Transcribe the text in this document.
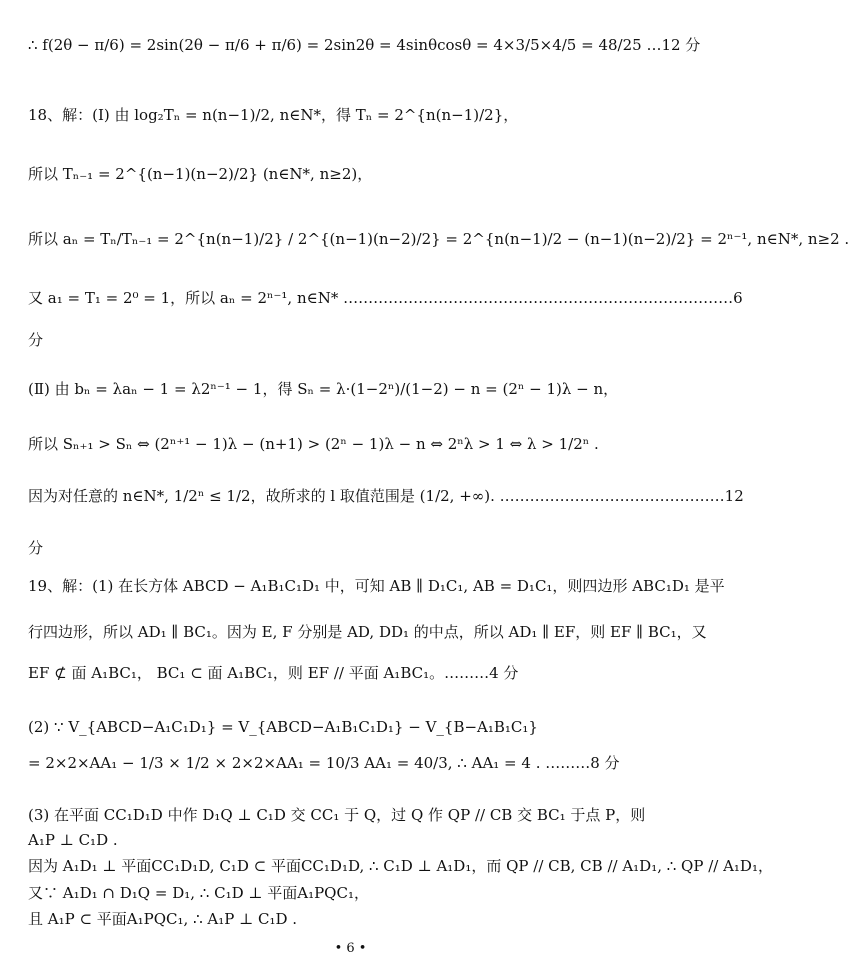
∴ f(2θ − π/6) = 2sin(2θ − π/6 + π/6) = 2sin2θ = 4sinθcosθ = 4×3/5×4/5 = 48/25 …12 分
18、解：(Ⅰ) 由 log₂Tₙ = n(n−1)/2, n∈N*，得 Tₙ = 2^{n(n−1)/2}，
所以 Tₙ₋₁ = 2^{(n−1)(n−2)/2} (n∈N*, n≥2)，
所以 aₙ = Tₙ/Tₙ₋₁ = 2^{n(n−1)/2} / 2^{(n−1)(n−2)/2} = 2^{n(n−1)/2 − (n−1)(n−2)/2} = 2ⁿ⁻¹, n∈N*, n≥2 .
又 a₁ = T₁ = 2⁰ = 1，所以 aₙ = 2ⁿ⁻¹, n∈N* ……………………………………………………………………6
分
(Ⅱ) 由 bₙ = λaₙ − 1 = λ2ⁿ⁻¹ − 1，得 Sₙ = λ·(1−2ⁿ)/(1−2) − n = (2ⁿ − 1)λ − n，
所以 Sₙ₊₁ > Sₙ ⇔ (2ⁿ⁺¹ − 1)λ − (n+1) > (2ⁿ − 1)λ − n ⇔ 2ⁿλ > 1 ⇔ λ > 1/2ⁿ .
因为对任意的 n∈N*, 1/2ⁿ ≤ 1/2，故所求的 l 取值范围是 (1/2, +∞). ………………………………………12
分
19、解：(1) 在长方体 ABCD − A₁B₁C₁D₁ 中，可知 AB ∥ D₁C₁, AB = D₁C₁，则四边形 ABC₁D₁ 是平
行四边形，所以 AD₁ ∥ BC₁。因为 E, F 分别是 AD, DD₁ 的中点，所以 AD₁ ∥ EF，则 EF ∥ BC₁，又
EF ⊄ 面 A₁BC₁， BC₁ ⊂ 面 A₁BC₁，则 EF // 平面 A₁BC₁。………4 分
(2) ∵ V_{ABCD−A₁C₁D₁} = V_{ABCD−A₁B₁C₁D₁} − V_{B−A₁B₁C₁}
= 2×2×AA₁ − 1/3 × 1/2 × 2×2×AA₁ = 10/3 AA₁ = 40/3, ∴ AA₁ = 4 . ………8 分
(3) 在平面 CC₁D₁D 中作 D₁Q ⊥ C₁D 交 CC₁ 于 Q，过 Q 作 QP // CB 交 BC₁ 于点 P，则
A₁P ⊥ C₁D .
因为 A₁D₁ ⊥ 平面CC₁D₁D, C₁D ⊂ 平面CC₁D₁D, ∴ C₁D ⊥ A₁D₁，而 QP // CB, CB // A₁D₁, ∴ QP // A₁D₁，
又∵ A₁D₁ ∩ D₁Q = D₁, ∴ C₁D ⊥ 平面A₁PQC₁，
且 A₁P ⊂ 平面A₁PQC₁, ∴ A₁P ⊥ C₁D .
• 6 •
